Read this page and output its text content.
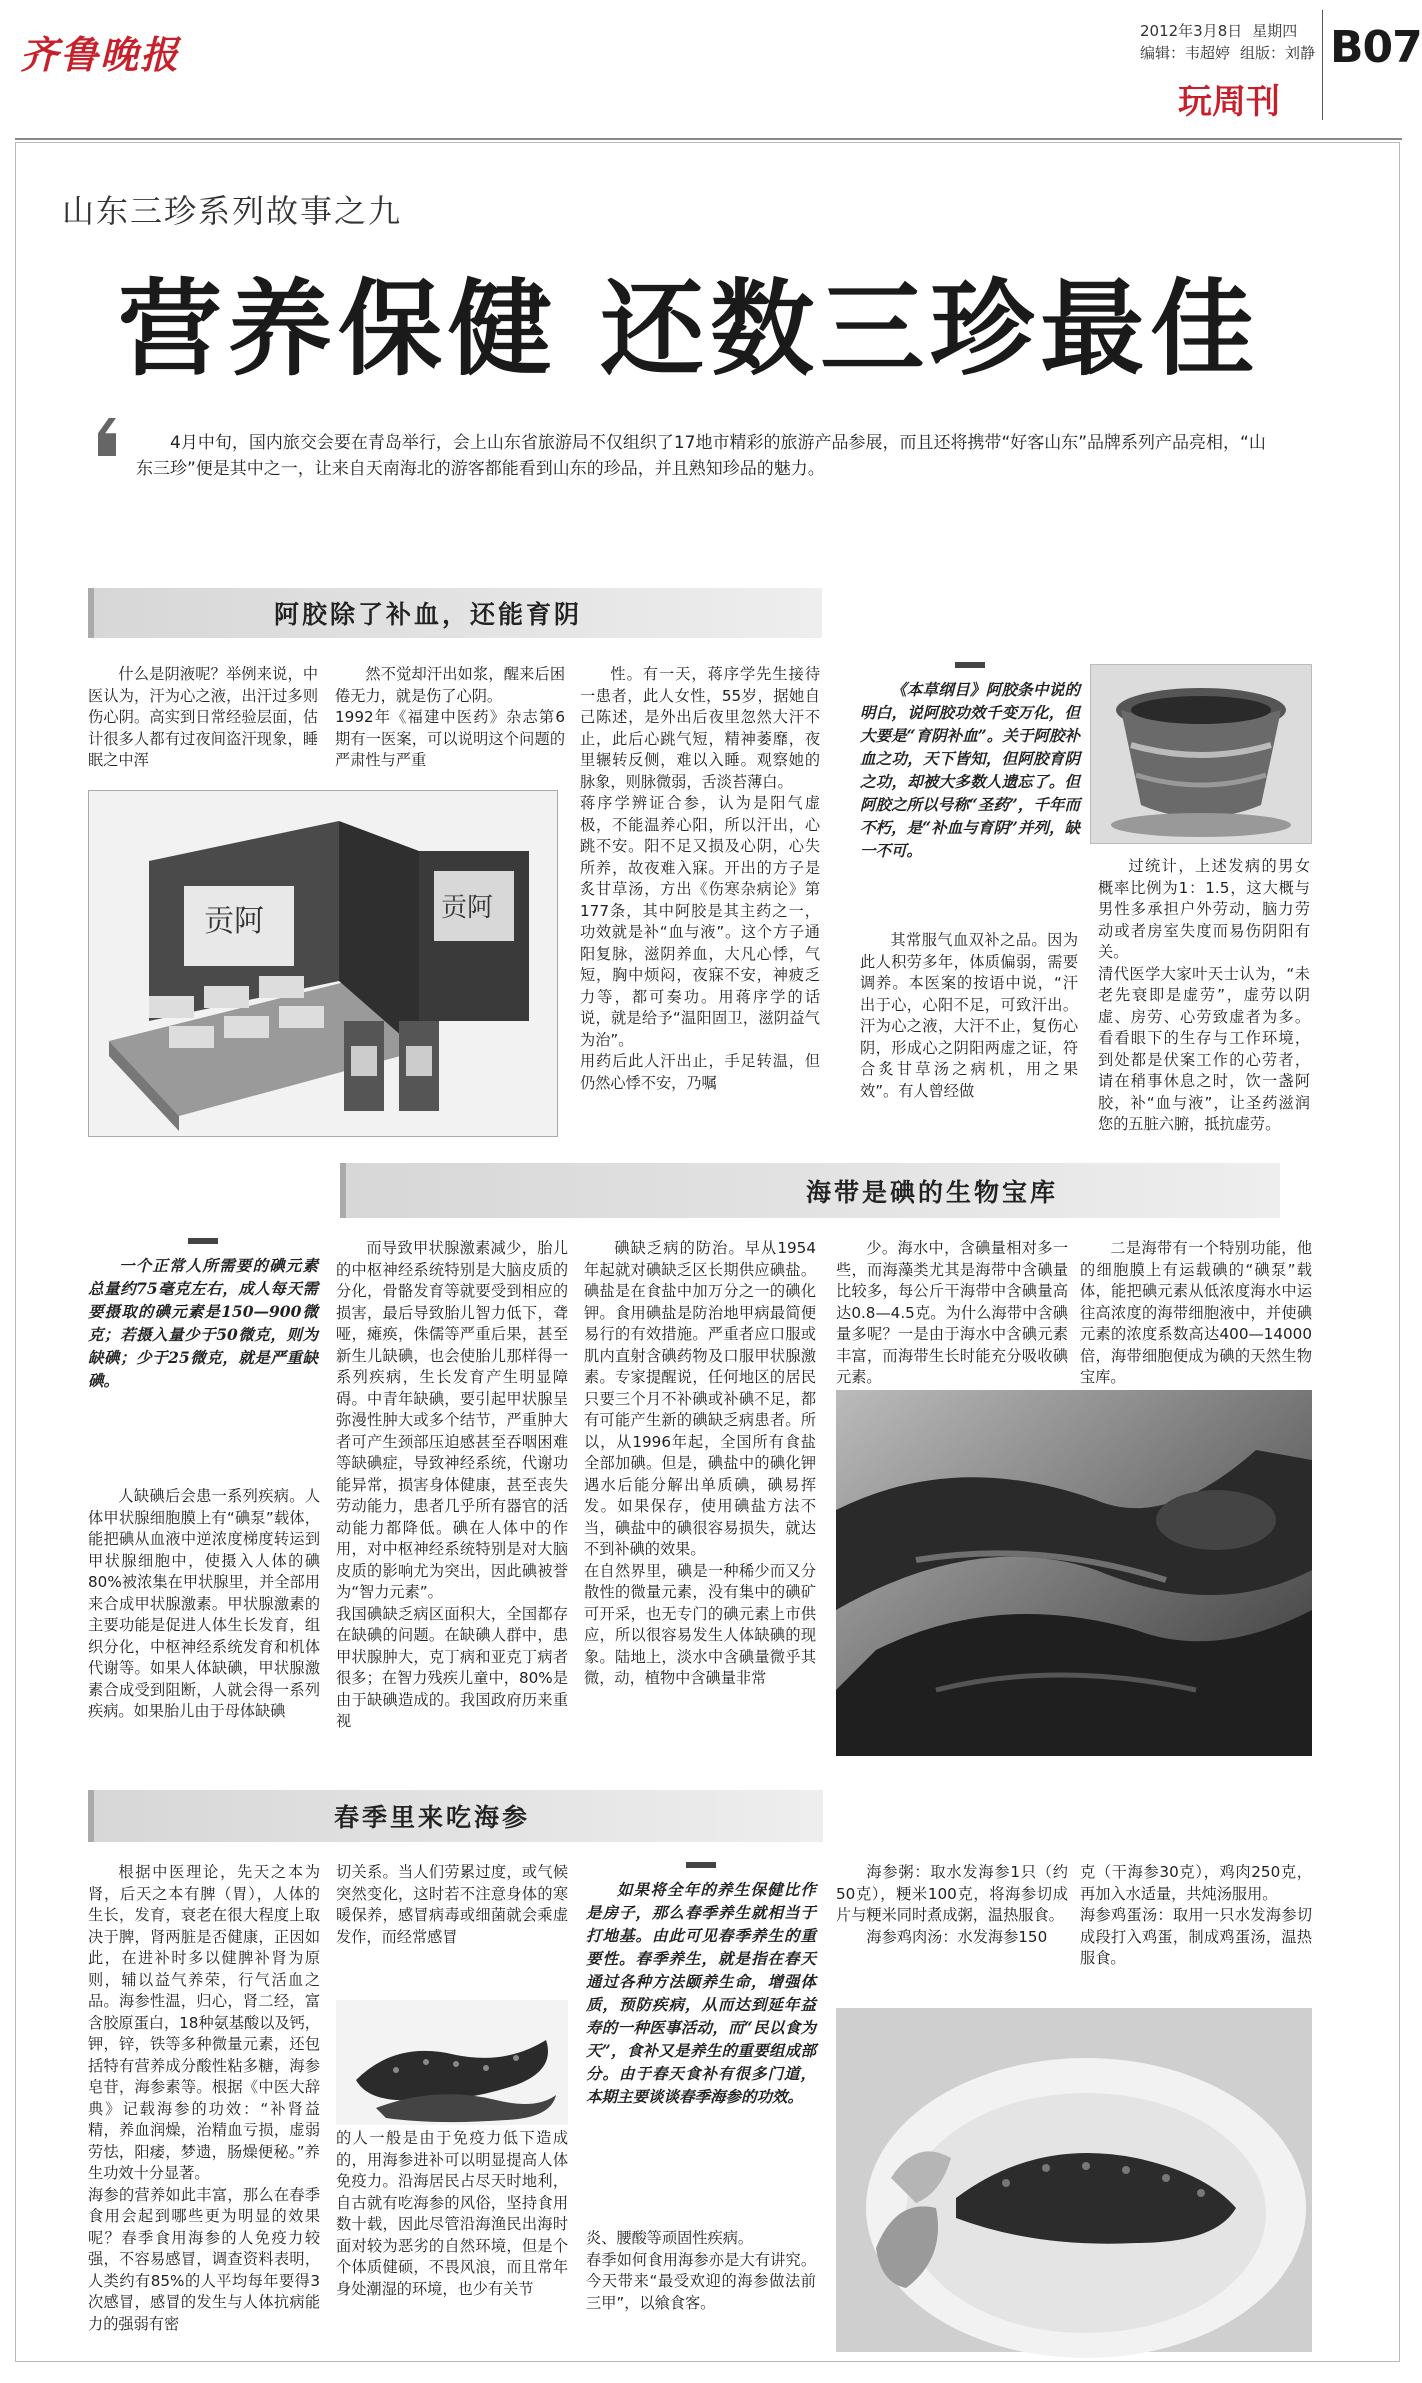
齐鲁晚报
2012年3月8日 星期四
编辑：韦超婷 组版：刘静 B07
玩周刊
山东三珍系列故事之九
营养保健 还数三珍最佳
4月中旬，国内旅交会要在青岛举行，会上山东省旅游局不仅组织了17地市精彩的旅游产品参展，而且还将携带“好客山东”品牌系列产品亮相，“山东三珍”便是其中之一，让来自天南海北的游客都能看到山东的珍品，并且熟知珍品的魅力。
阿胶除了补血，还能育阴

什么是阴液呢？举例来说，中医认为，汗为心之液，出汗过多则伤心阴。高实到日常经验层面，估计很多人都有过夜间盗汗现象，睡眠之中浑

然不觉却汗出如浆，醒来后困倦无力，就是伤了心阴。
1992年《福建中医药》杂志第6期有一医案，可以说明这个问题的严肃性与严重
性。有一天，蒋序学先生接待一患者，此人女性，55岁，据她自己陈述，是外出后夜里忽然大汗不止，此后心跳气短，精神萎靡，夜里辗转反侧，难以入睡。观察她的脉象，则脉微弱，舌淡苔薄白。
蒋序学辨证合参，认为是阳气虚极，不能温养心阳，所以汗出，心跳不安。阳不足又损及心阴，心失所养，故夜难入寐。开出的方子是炙甘草汤，方出《伤寒杂病论》第177条，其中阿胶是其主药之一，功效就是补“血与液”。这个方子通阳复脉，滋阴养血，大凡心悸，气短，胸中烦闷，夜寐不安，神疲乏力等，都可奏功。用蒋序学的话说，就是给予“温阳固卫，滋阴益气为治”。
用药后此人汗出止，手足转温，但仍然心悸不安，乃嘱
贡阿	贡阿
《本草纲目》阿胶条中说的明白，说阿胶功效千变万化，但大要是“育阴补血”。关于阿胶补血之功，天下皆知，但阿胶育阴之功，却被大多数人遗忘了。但阿胶之所以号称“圣药”，千年而不朽，是“补血与育阴”并列，缺一不可。

其常服气血双补之品。因为此人积劳多年，体质偏弱，需要调养。本医案的按语中说，“汗出于心，心阳不足，可致汗出。汗为心之液，大汗不止，复伤心阴，形成心之阴阳两虚之证，符合炙甘草汤之病机，用之果效”。有人曾经做

过统计，上述发病的男女概率比例为1：1.5，这大概与男性多承担户外劳动，脑力劳动或者房室失度而易伤阴阳有关。
清代医学大家叶天士认为，“未老先衰即是虚劳”，虚劳以阴虚、房劳、心劳致虚者为多。看看眼下的生存与工作环境，到处都是伏案工作的心劳者，请在稍事休息之时，饮一盏阿胶，补“血与液”，让圣药滋润您的五脏六腑，抵抗虚劳。
海带是碘的生物宝库
一个正常人所需要的碘元素总量约75毫克左右，成人每天需要摄取的碘元素是150—900微克；若摄入量少于50微克，则为缺碘；少于25微克，就是严重缺碘。

人缺碘后会患一系列疾病。人体甲状腺细胞膜上有“碘泵”载体，能把碘从血液中逆浓度梯度转运到甲状腺细胞中，使摄入人体的碘80%被浓集在甲状腺里，并全部用来合成甲状腺激素。甲状腺激素的主要功能是促进人体生长发育，组织分化，中枢神经系统发育和机体代谢等。如果人体缺碘，甲状腺激素合成受到阻断，人就会得一系列疾病。如果胎儿由于母体缺碘

而导致甲状腺激素减少，胎儿的中枢神经系统特别是大脑皮质的分化，骨骼发育等就要受到相应的损害，最后导致胎儿智力低下，聋哑，瘫痪，侏儒等严重后果，甚至新生儿缺碘，也会使胎儿那样得一系列疾病，生长发育产生明显障碍。中青年缺碘，要引起甲状腺呈弥漫性肿大或多个结节，严重肿大者可产生颈部压迫感甚至吞咽困难等缺碘症，导致神经系统，代谢功能异常，损害身体健康，甚至丧失劳动能力，患者几乎所有器官的活动能力都降低。碘在人体中的作用，对中枢神经系统特别是对大脑皮质的影响尤为突出，因此碘被誉为“智力元素”。
我国碘缺乏病区面积大，全国都存在缺碘的问题。在缺碘人群中，患甲状腺肿大，克丁病和亚克丁病者很多；在智力残疾儿童中，80%是由于缺碘造成的。我国政府历来重视
碘缺乏病的防治。早从1954年起就对碘缺乏区长期供应碘盐。碘盐是在食盐中加万分之一的碘化钾。食用碘盐是防治地甲病最简便易行的有效措施。严重者应口服或肌内直射含碘药物及口服甲状腺激素。专家提醒说，任何地区的居民只要三个月不补碘或补碘不足，都有可能产生新的碘缺乏病患者。所以，从1996年起，全国所有食盐全部加碘。但是，碘盐中的碘化钾遇水后能分解出单质碘，碘易挥发。如果保存，使用碘盐方法不当，碘盐中的碘很容易损失，就达不到补碘的效果。
在自然界里，碘是一种稀少而又分散性的微量元素，没有集中的碘矿可开采，也无专门的碘元素上市供应，所以很容易发生人体缺碘的现象。陆地上，淡水中含碘量微乎其微，动，植物中含碘量非常

少。海水中，含碘量相对多一些，而海藻类尤其是海带中含碘量比较多，每公斤干海带中含碘量高达0.8—4.5克。为什么海带中含碘量多呢？一是由于海水中含碘元素丰富，而海带生长时能充分吸收碘元素。

二是海带有一个特别功能，他的细胞膜上有运载碘的“碘泵”载体，能把碘元素从低浓度海水中运往高浓度的海带细胞液中，并使碘元素的浓度系数高达400—14000倍，海带细胞便成为碘的天然生物宝库。

春季里来吃海参
根据中医理论，先天之本为肾，后天之本有脾（胃），人体的生长，发育，衰老在很大程度上取决于脾，肾两脏是否健康，正因如此，在进补时多以健脾补肾为原则，辅以益气养荣，行气活血之品。海参性温，归心，肾二经，富含胶原蛋白，18种氨基酸以及钙，钾，锌，铁等多种微量元素，还包括特有营养成分酸性粘多糖，海参皂苷，海参素等。根据《中医大辞典》记载海参的功效：“补肾益精，养血润燥，治精血亏损，虚弱劳怯，阳痿，梦遗，肠燥便秘。”养生功效十分显著。
海参的营养如此丰富，那么在春季食用会起到哪些更为明显的效果呢？春季食用海参的人免疫力较强，不容易感冒，调查资料表明，人类约有85%的人平均每年要得3次感冒，感冒的发生与人体抗病能力的强弱有密

切关系。当人们劳累过度，或气候突然变化，这时若不注意身体的寒暖保养，感冒病毒或细菌就会乘虚发作，而经常感冒

的人一般是由于免疫力低下造成的，用海参进补可以明显提高人体免疫力。沿海居民占尽天时地利，自古就有吃海参的风俗，坚持食用数十载，因此尽管沿海渔民出海时面对较为恶劣的自然环境，但是个个体质健硕，不畏风浪，而且常年身处潮湿的环境，也少有关节

如果将全年的养生保健比作是房子，那么春季养生就相当于打地基。由此可见春季养生的重要性。春季养生，就是指在春天通过各种方法颐养生命，增强体质，预防疾病，从而达到延年益寿的一种医事活动，而“民以食为天”，食补又是养生的重要组成部分。由于春天食补有很多门道，本期主要谈谈春季海参的功效。
炎、腰酸等顽固性疾病。
春季如何食用海参亦是大有讲究。今天带来“最受欢迎的海参做法前三甲”，以飨食客。

海参粥：取水发海参1只（约50克），粳米100克，将海参切成片与粳米同时煮成粥，温热服食。

海参鸡肉汤：水发海参150

克（干海参30克），鸡肉250克，再加入水适量，共炖汤服用。
海参鸡蛋汤：取用一只水发海参切成段打入鸡蛋，制成鸡蛋汤，温热服食。
